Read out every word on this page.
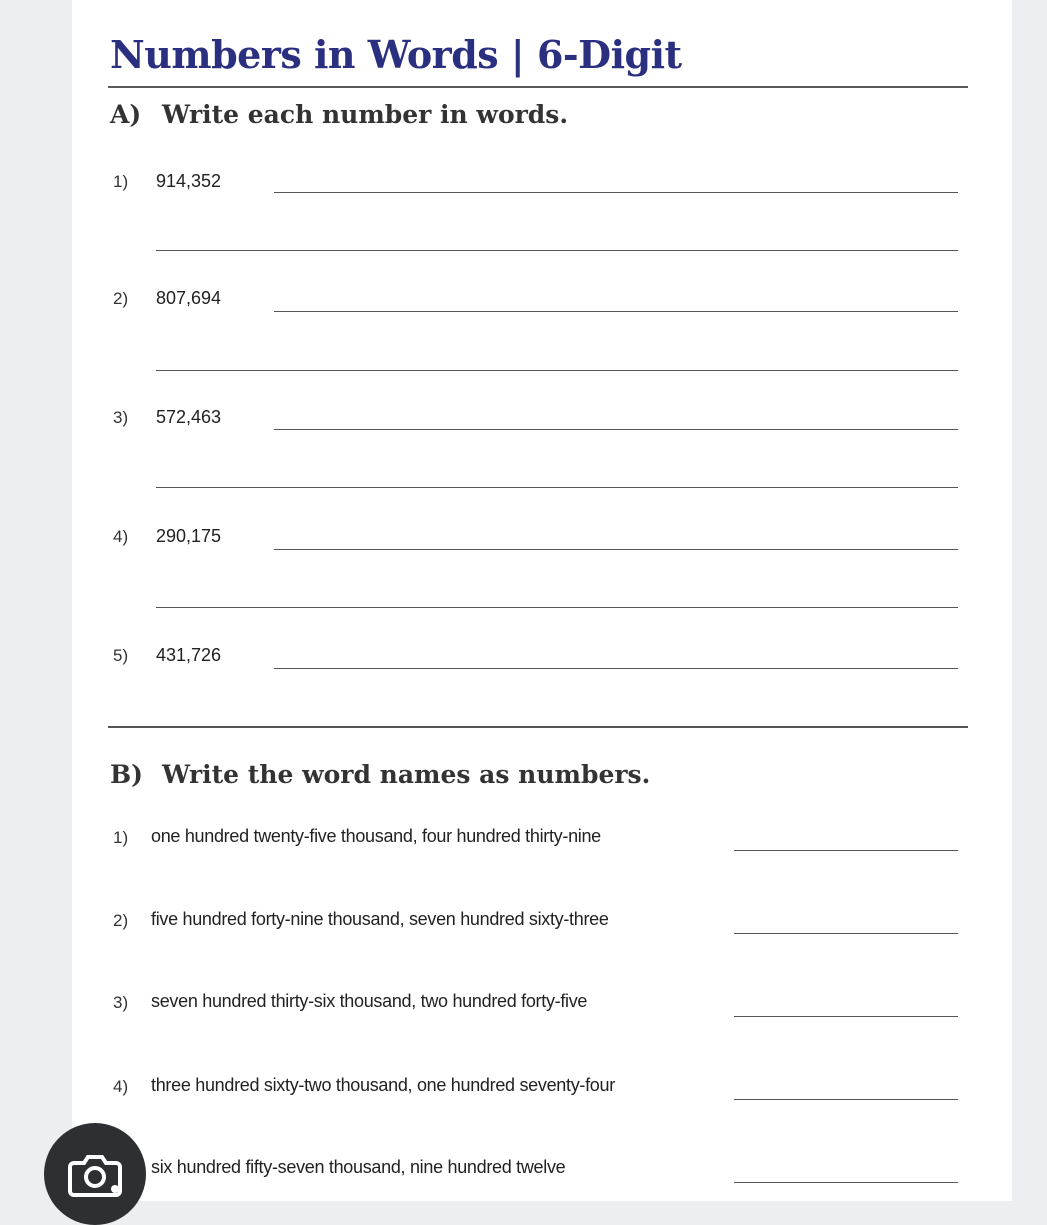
Numbers in Words | 6-Digit
A) Write each number in words.
1) 914,352
2) 807,694
3) 572,463
4) 290,175
5) 431,726
B) Write the word names as numbers.
1) one hundred twenty-five thousand, four hundred thirty-nine
2) five hundred forty-nine thousand, seven hundred sixty-three
3) seven hundred thirty-six thousand, two hundred forty-five
4) three hundred sixty-two thousand, one hundred seventy-four
six hundred fifty-seven thousand, nine hundred twelve
